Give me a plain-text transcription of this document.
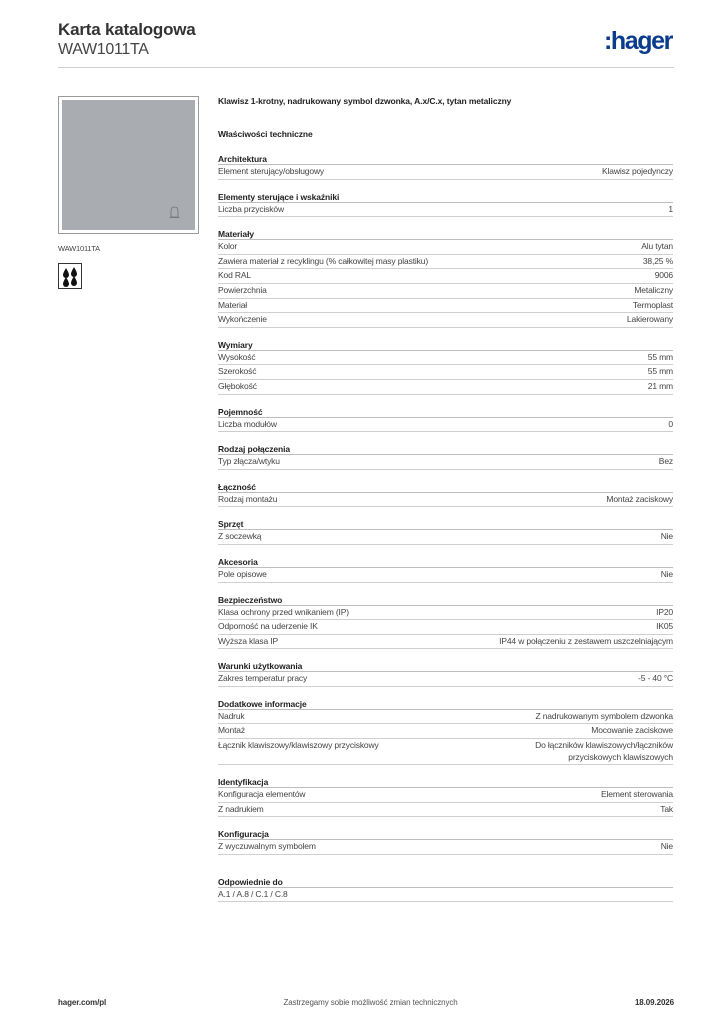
Karta katalogowa
WAW1011TA	:hager
WAW1011TA
Klawisz 1-krotny, nadrukowany symbol dzwonka, A.x/C.x, tytan metaliczny
Właściwości techniczne
Architektura
Element sterujący/obsługowy	Klawisz pojedynczy
Elementy sterujące i wskaźniki
Liczba przycisków	1
Materiały
Kolor	Alu tytan
Zawiera materiał z recyklingu (% całkowitej masy plastiku)	38,25 %
Kod RAL	9006
Powierzchnia	Metaliczny
Materiał	Termoplast
Wykończenie	Lakierowany
Wymiary
Wysokość	55 mm
Szerokość	55 mm
Głębokość	21 mm
Pojemność
Liczba modułów	0
Rodzaj połączenia
Typ złącza/wtyku	Bez
Łączność
Rodzaj montażu	Montaż zaciskowy
Sprzęt
Z soczewką	Nie
Akcesoria
Pole opisowe	Nie
Bezpieczeństwo
Klasa ochrony przed wnikaniem (IP)	IP20
Odporność na uderzenie IK	IK05
Wyższa klasa IP	IP44 w połączeniu z zestawem uszczelniającym
Warunki użytkowania
Zakres temperatur pracy	-5 - 40 °C
Dodatkowe informacje
Nadruk	Z nadrukowanym symbolem dzwonka
Montaż	Mocowanie zaciskowe
Łącznik klawiszowy/klawiszowy przyciskowy	Do łączników klawiszowych/łączników przyciskowych klawiszowych
Identyfikacja
Konfiguracja elementów	Element sterowania
Z nadrukiem	Tak
Konfiguracja
Z wyczuwalnym symbolem	Nie
Odpowiednie do
A.1 / A.8 / C.1 / C.8
hager.com/pl	Zastrzegamy sobie możliwość zmian technicznych	18.09.2026
